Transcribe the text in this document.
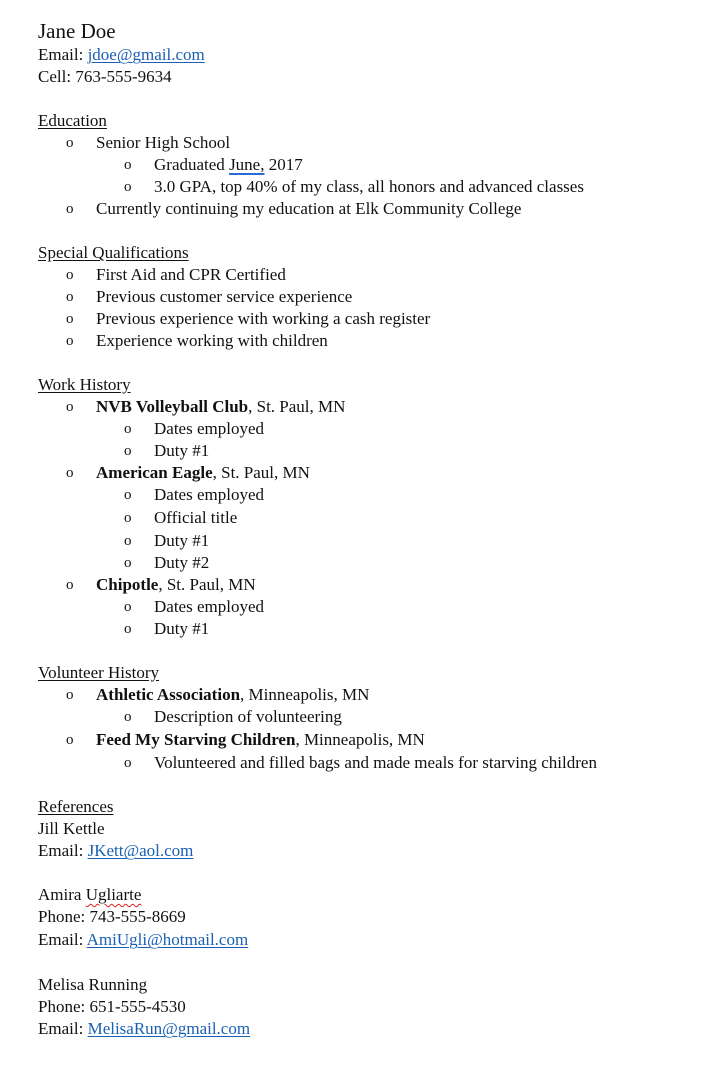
Jane Doe
Email: jdoe@gmail.com
Cell: 763-555-9634
Education
o Senior High School
o Graduated June, 2017
o 3.0 GPA, top 40% of my class, all honors and advanced classes
o Currently continuing my education at Elk Community College
Special Qualifications
o First Aid and CPR Certified
o Previous customer service experience
o Previous experience with working a cash register
o Experience working with children
Work History
o NVB Volleyball Club, St. Paul, MN
o Dates employed
o Duty #1
o American Eagle, St. Paul, MN
o Dates employed
o Official title
o Duty #1
o Duty #2
o Chipotle, St. Paul, MN
o Dates employed
o Duty #1
Volunteer History
o Athletic Association, Minneapolis, MN
o Description of volunteering
o Feed My Starving Children, Minneapolis, MN
o Volunteered and filled bags and made meals for starving children
References
Jill Kettle
Email: JKett@aol.com
Amira Ugliarte
Phone: 743-555-8669
Email: AmiUgli@hotmail.com
Melisa Running
Phone: 651-555-4530
Email: MelisaRun@gmail.com
